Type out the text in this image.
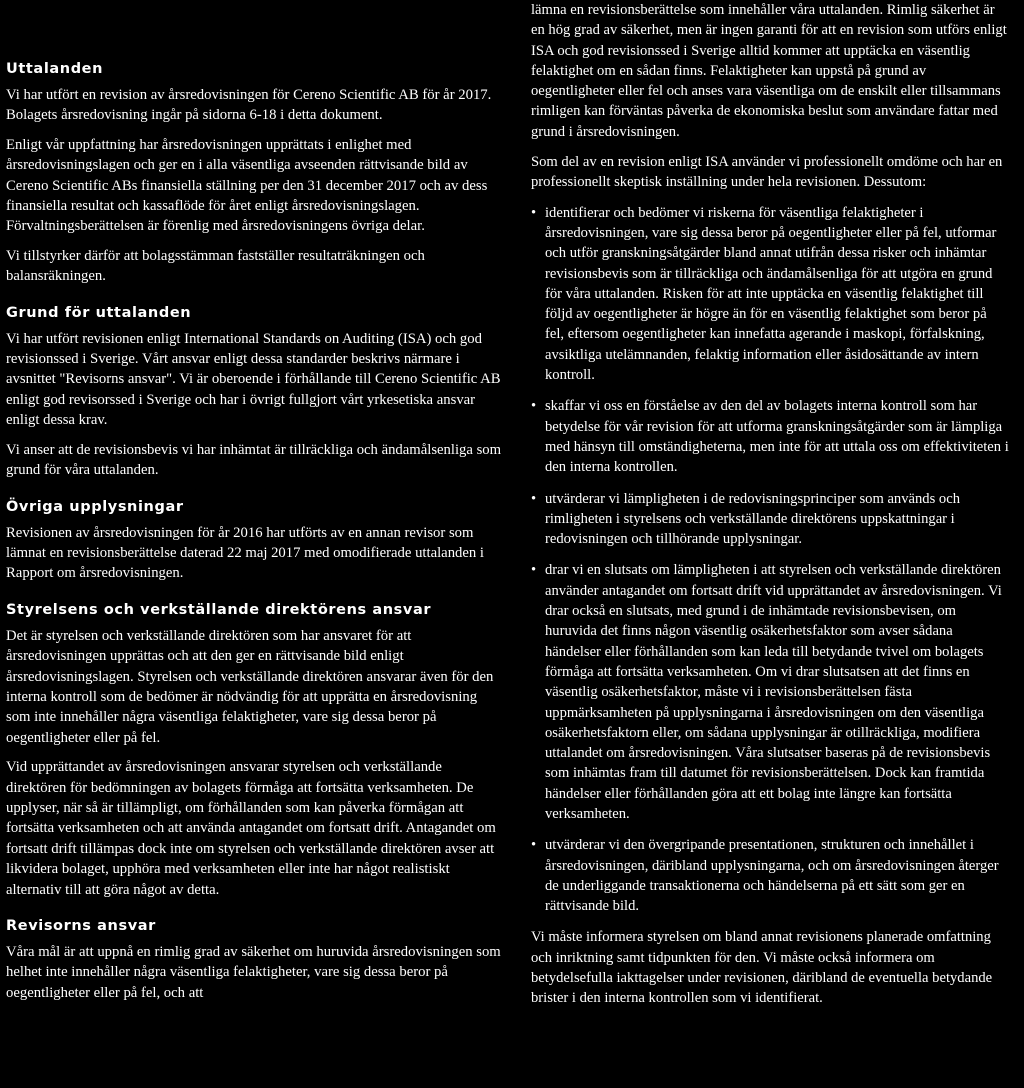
Uttalanden

Vi har utfört en revision av årsredovisningen för Cereno Scientific AB för år 2017. Bolagets årsredovisning ingår på sidorna 6-18 i detta dokument.

Enligt vår uppfattning har årsredovisningen upprättats i enlighet med årsredovisningslagen och ger en i alla väsentliga avseenden rättvisande bild av Cereno Scientific ABs finansiella ställning per den 31 december 2017 och av dess finansiella resultat och kassaflöde för året enligt årsredovisningslagen. Förvaltningsberättelsen är förenlig med årsredovisningens övriga delar.

Vi tillstyrker därför att bolagsstämman fastställer resultaträkningen och balansräkningen.

Grund för uttalanden

Vi har utfört revisionen enligt International Standards on Auditing (ISA) och god revisionssed i Sverige. Vårt ansvar enligt dessa standarder beskrivs närmare i avsnittet "Revisorns ansvar". Vi är oberoende i förhållande till Cereno Scientific AB enligt god revisorssed i Sverige och har i övrigt fullgjort vårt yrkesetiska ansvar enligt dessa krav.

Vi anser att de revisionsbevis vi har inhämtat är tillräckliga och ändamålsenliga som grund för våra uttalanden.

Övriga upplysningar

Revisionen av årsredovisningen för år 2016 har utförts av en annan revisor som lämnat en revisionsberättelse daterad 22 maj 2017 med omodifierade uttalanden i Rapport om årsredovisningen.

Styrelsens och verkställande direktörens ansvar

Det är styrelsen och verkställande direktören som har ansvaret för att årsredovisningen upprättas och att den ger en rättvisande bild enligt årsredovisningslagen. Styrelsen och verkställande direktören ansvarar även för den interna kontroll som de bedömer är nödvändig för att upprätta en årsredovisning som inte innehåller några väsentliga felaktigheter, vare sig dessa beror på oegentligheter eller på fel.

Vid upprättandet av årsredovisningen ansvarar styrelsen och verkställande direktören för bedömningen av bolagets förmåga att fortsätta verksamheten. De upplyser, när så är tillämpligt, om förhållanden som kan påverka förmågan att fortsätta verksamheten och att använda antagandet om fortsatt drift. Antagandet om fortsatt drift tillämpas dock inte om styrelsen och verkställande direktören avser att likvidera bolaget, upphöra med verksamheten eller inte har något realistiskt alternativ till att göra något av detta.

Revisorns ansvar

Våra mål är att uppnå en rimlig grad av säkerhet om huruvida årsredovisningen som helhet inte innehåller några väsentliga felaktigheter, vare sig dessa beror på oegentligheter eller på fel, och att

lämna en revisionsberättelse som innehåller våra uttalanden. Rimlig säkerhet är en hög grad av säkerhet, men är ingen garanti för att en revision som utförs enligt ISA och god revisionssed i Sverige alltid kommer att upptäcka en väsentlig felaktighet om en sådan finns. Felaktigheter kan uppstå på grund av oegentligheter eller fel och anses vara väsentliga om de enskilt eller tillsammans rimligen kan förväntas påverka de ekonomiska beslut som användare fattar med grund i årsredovisningen.

Som del av en revision enligt ISA använder vi professionellt omdöme och har en professionellt skeptisk inställning under hela revisionen. Dessutom:

• identifierar och bedömer vi riskerna för väsentliga felaktigheter i årsredovisningen, vare sig dessa beror på oegentligheter eller på fel, utformar och utför granskningsåtgärder bland annat utifrån dessa risker och inhämtar revisionsbevis som är tillräckliga och ändamålsenliga för att utgöra en grund för våra uttalanden. Risken för att inte upptäcka en väsentlig felaktighet till följd av oegentligheter är högre än för en väsentlig felaktighet som beror på fel, eftersom oegentligheter kan innefatta agerande i maskopi, förfalskning, avsiktliga utelämnanden, felaktig information eller åsidosättande av intern kontroll.
• skaffar vi oss en förståelse av den del av bolagets interna kontroll som har betydelse för vår revision för att utforma granskningsåtgärder som är lämpliga med hänsyn till omständigheterna, men inte för att uttala oss om effektiviteten i den interna kontrollen.
• utvärderar vi lämpligheten i de redovisningsprinciper som används och rimligheten i styrelsens och verkställande direktörens uppskattningar i redovisningen och tillhörande upplysningar.
• drar vi en slutsats om lämpligheten i att styrelsen och verkställande direktören använder antagandet om fortsatt drift vid upprättandet av årsredovisningen. Vi drar också en slutsats, med grund i de inhämtade revisionsbevisen, om huruvida det finns någon väsentlig osäkerhetsfaktor som avser sådana händelser eller förhållanden som kan leda till betydande tvivel om bolagets förmåga att fortsätta verksamheten. Om vi drar slutsatsen att det finns en väsentlig osäkerhetsfaktor, måste vi i revisionsberättelsen fästa uppmärksamheten på upplysningarna i årsredovisningen om den väsentliga osäkerhetsfaktorn eller, om sådana upplysningar är otillräckliga, modifiera uttalandet om årsredovisningen. Våra slutsatser baseras på de revisionsbevis som inhämtas fram till datumet för revisionsberättelsen. Dock kan framtida händelser eller förhållanden göra att ett bolag inte längre kan fortsätta verksamheten.
• utvärderar vi den övergripande presentationen, strukturen och innehållet i årsredovisningen, däribland upplysningarna, och om årsredovisningen återger de underliggande transaktionerna och händelserna på ett sätt som ger en rättvisande bild.

Vi måste informera styrelsen om bland annat revisionens planerade omfattning och inriktning samt tidpunkten för den. Vi måste också informera om betydelsefulla iakttagelser under revisionen, däribland de eventuella betydande brister i den interna kontrollen som vi identifierat.
